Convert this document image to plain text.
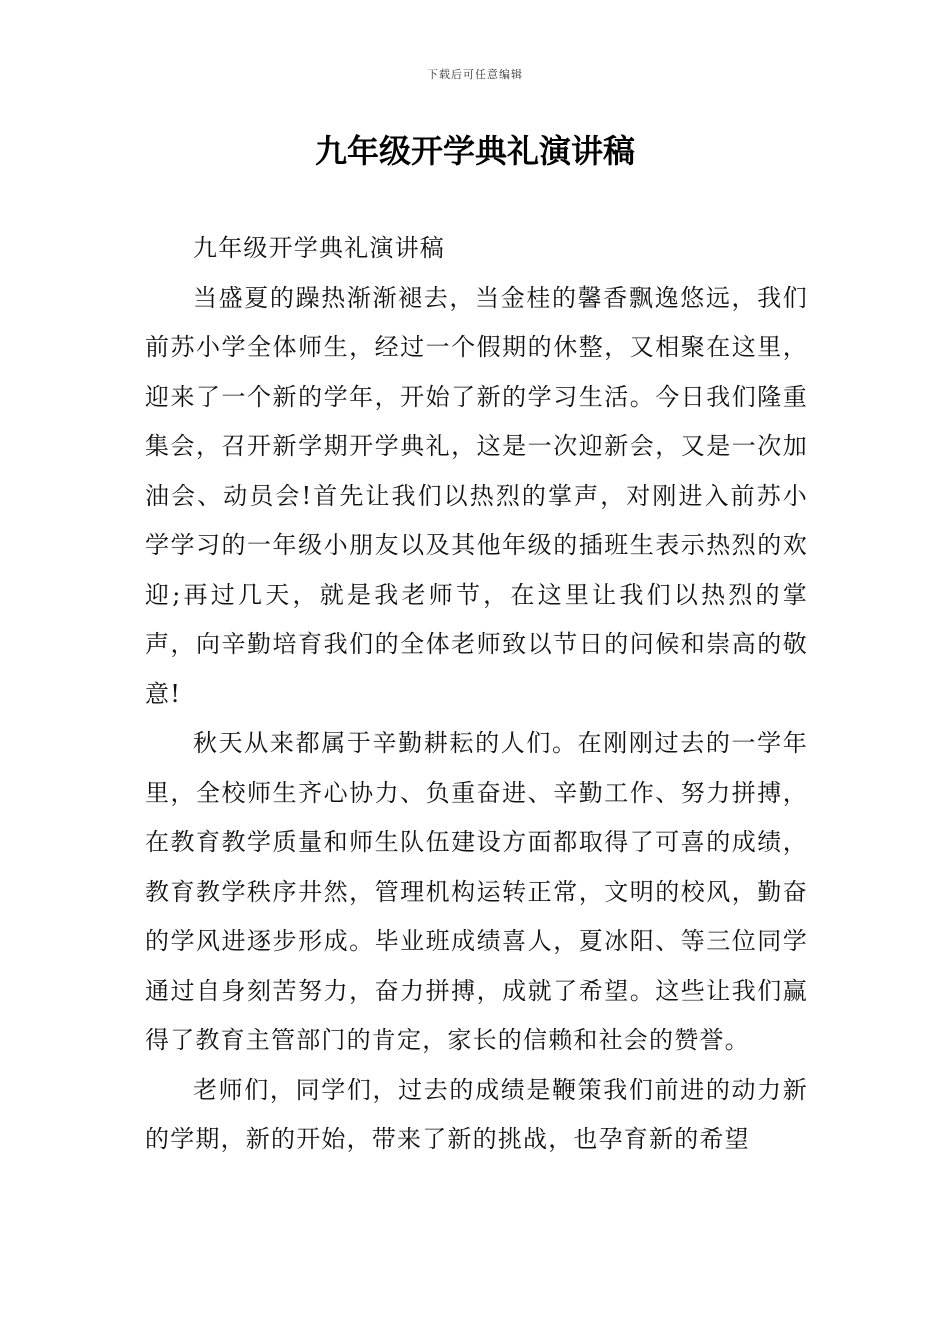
下载后可任意编辑
九年级开学典礼演讲稿

九年级开学典礼演讲稿

当盛夏的躁热渐渐褪去，当金桂的馨香飘逸悠远，我们前苏小学全体师生，经过一个假期的休整，又相聚在这里，迎来了一个新的学年，开始了新的学习生活。今日我们隆重集会，召开新学期开学典礼，这是一次迎新会，又是一次加油会、动员会!首先让我们以热烈的掌声，对刚进入前苏小学学习的一年级小朋友以及其他年级的插班生表示热烈的欢迎;再过几天，就是我老师节，在这里让我们以热烈的掌声，向辛勤培育我们的全体老师致以节日的问候和崇高的敬意!

秋天从来都属于辛勤耕耘的人们。在刚刚过去的一学年里，全校师生齐心协力、负重奋进、辛勤工作、努力拼搏，在教育教学质量和师生队伍建设方面都取得了可喜的成绩，教育教学秩序井然，管理机构运转正常，文明的校风，勤奋的学风进逐步形成。毕业班成绩喜人，夏冰阳、等三位同学通过自身刻苦努力，奋力拼搏，成就了希望。这些让我们赢得了教育主管部门的肯定，家长的信赖和社会的赞誉。

老师们，同学们，过去的成绩是鞭策我们前进的动力新的学期，新的开始，带来了新的挑战，也孕育新的希望
